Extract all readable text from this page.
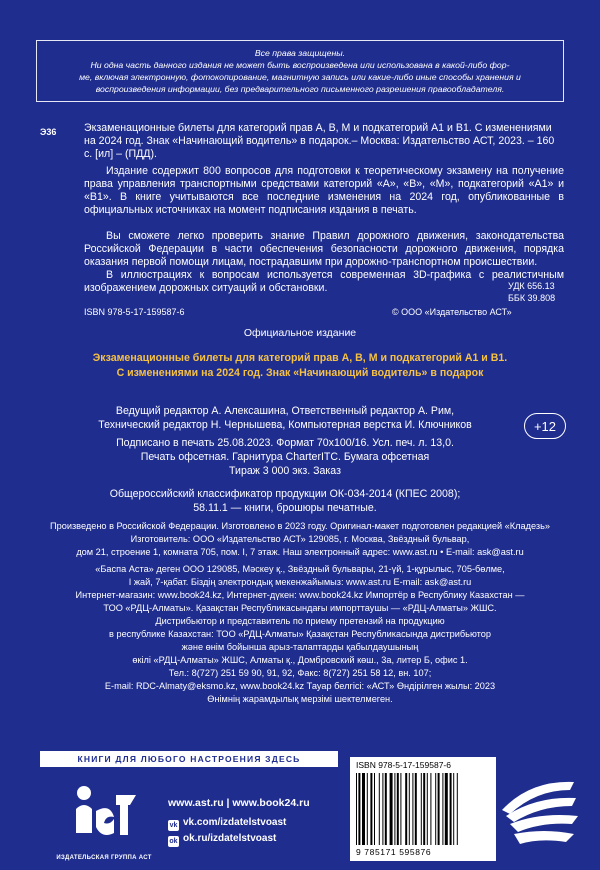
Все права защищены.
Ни одна часть данного издания не может быть воспроизведена или использована в какой-либо фор-
ме, включая электронную, фотокопирование, магнитную запись или какие-либо иные способы хранения и
воспроизведения информации, без предварительного письменного разрешения правообладателя.
Э36	Экзаменационные билеты для категорий прав A, B, M и подкатегорий A1 и B1. С изменениями на 2024 год. Знак «Начинающий водитель» в подарок.– Москва: Издательство АСТ, 2023. – 160 с. [ил] – (ПДД).
Издание содержит 800 вопросов для подготовки к теоретическому экзамену на получение права управления транспортными средствами категорий «A», «B», «M», подкатегорий «A1» и «B1». В книге учитываются все последние изменения на 2024 год, опубликованные в официальных источниках на момент подписания издания в печать.
Вы сможете легко проверить знание Правил дорожного движения, законодательства Российской Федерации в части обеспечения безопасности дорожного движения, порядка оказания первой помощи лицам, пострадавшим при дорожно-транспортном происшествии.
В иллюстрациях к вопросам используется современная 3D-графика с реалистичным изображением дорожных ситуаций и обстановки.	УДК 656.13
ББК 39.808
ISBN 978-5-17-159587-6	© ООО «Издательство АСТ»
Официальное издание
Экзаменационные билеты для категорий прав A, B, M и подкатегорий A1 и B1.
С изменениями на 2024 год. Знак «Начинающий водитель» в подарок
Ведущий редактор А. Алексашина, Ответственный редактор А. Рим,
Технический редактор Н. Чернышева, Компьютерная верстка И. Ключников	+12
Подписано в печать 25.08.2023. Формат 70х100/16. Усл. печ. л. 13,0.
Печать офсетная. Гарнитура CharterITC. Бумага офсетная
Тираж 3 000 экз. Заказ
Общероссийский классификатор продукции ОК-034-2014 (КПЕС 2008);
58.11.1 — книги, брошюры печатные.
Произведено в Российской Федерации. Изготовлено в 2023 году. Оригинал-макет подготовлен редакцией «Кладезь»
Изготовитель: ООО «Издательство АСТ» 129085, г. Москва, Звёздный бульвар,
дом 21, строение 1, комната 705, пом. I, 7 этаж. Наш электронный адрес: www.ast.ru • E-mail: ask@ast.ru
«Баспа Аста» деген ООО 129085, Мәскеу қ., Звёздный бульвары, 21-үй, 1-құрылыс, 705-бөлме,
I жай, 7-қабат. Біздің электрондық мекенжайымыз: www.ast.ru E-mail: ask@ast.ru
Интернет-магазин: www.book24.kz, Интернет-дүкен: www.book24.kz Импортёр в Республику Казахстан —
ТОО «РДЦ-Алматы». Қазақстан Республикасындағы импорттаушы — «РДЦ-Алматы» ЖШС.
Дистрибьютор и представитель по приему претензий на продукцию
в республике Казахстан: ТОО «РДЦ-Алматы» Қазақстан Республикасында дистрибьютор
және өнім бойынша арыз-талаптарды қабылдаушының
өкілі «РДЦ-Алматы» ЖШС, Алматы қ., Домбровский көш., 3а, литер Б, офис 1.
Тел.: 8(727) 251 59 90, 91, 92, Факс: 8(727) 251 58 12, вн. 107;
E-mail: RDC-Almaty@eksmo.kz, www.book24.kz Тауар белгісі: «АСТ» Өндірілген жылы: 2023
Өнімнің жарамдылық мерзімі шектелмеген.
КНИГИ ДЛЯ ЛЮБОГО НАСТРОЕНИЯ ЗДЕСЬ
ИЗДАТЕЛЬСКАЯ ГРУППА АСТ
www.ast.ru | www.book24.ru
vk vk.com/izdatelstvoast
ok ok.ru/izdatelstvoast
ISBN 978-5-17-159587-6
9 785171 595876
